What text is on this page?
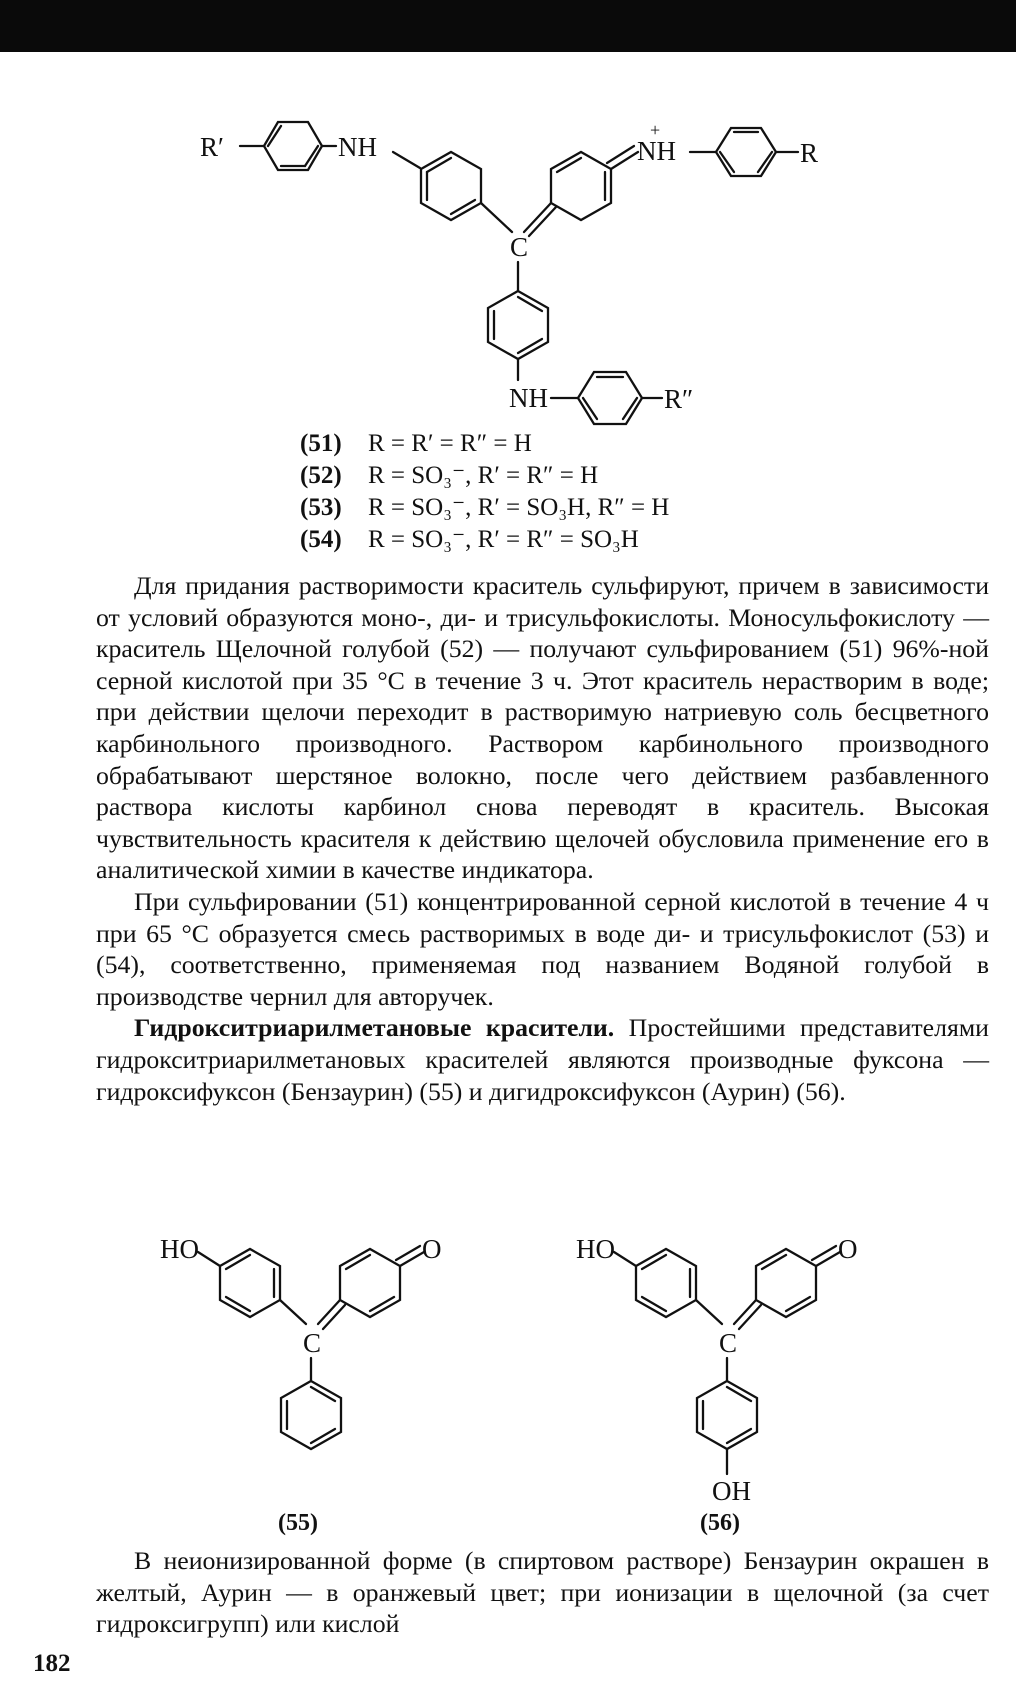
R′	NH
C
+
NH	R
NH	R″
(51) R = R′ = R″ = H
(52) R = SO₃⁻, R′ = R″ = H
(53) R = SO₃⁻, R′ = SO₃H, R″ = H
(54) R = SO₃⁻, R′ = R″ = SO₃H

Для придания растворимости краситель сульфируют, причем в зависимости от условий образуются моно-, ди- и трисульфокислоты. Моносульфокислоту — краситель Щелочной голубой (52) — получают сульфированием (51) 96%-ной серной кислотой при 35 °С в течение 3 ч. Этот краситель нерастворим в воде; при действии щелочи переходит в растворимую натриевую соль бесцветного карбинольного производного. Раствором карбинольного производного обрабатывают шерстяное волокно, после чего действием разбавленного раствора кислоты карбинол снова переводят в краситель. Высокая чувствительность красителя к действию щелочей обусловила применение его в аналитической химии в качестве индикатора.

При сульфировании (51) концентрированной серной кислотой в течение 4 ч при 65 °С образуется смесь растворимых в воде ди- и трисульфокислот (53) и (54), соответственно, применяемая под названием Водяной голубой в производстве чернил для авторучек.

Гидрокситриарилметановые красители. Простейшими представителями гидрокситриарилметановых красителей являются производные фуксона — гидроксифуксон (Бензаурин) (55) и дигидроксифуксон (Аурин) (56).

HO	O
C
(55)
HO	O
C
OH
(56)

В неионизированной форме (в спиртовом растворе) Бензаурин окрашен в желтый, Аурин — в оранжевый цвет; при ионизации в щелочной (за счет гидроксигрупп) или кислой

182
